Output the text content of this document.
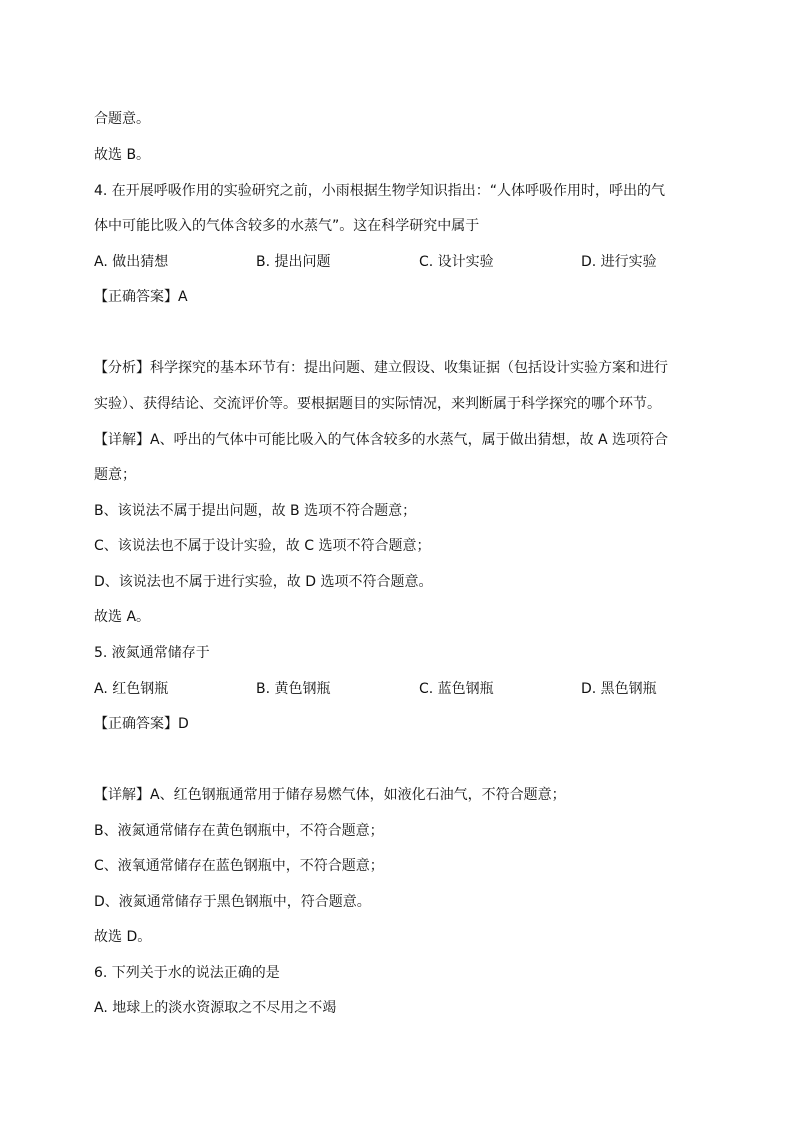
合题意。
故选 B。
4. 在开展呼吸作用的实验研究之前，小雨根据生物学知识指出：“人体呼吸作用时，呼出的气
体中可能比吸入的气体含较多的水蒸气”。这在科学研究中属于
A. 做出猜想	B. 提出问题	C. 设计实验	D. 进行实验
【正确答案】A
【分析】科学探究的基本环节有：提出问题、建立假设、收集证据（包括设计实验方案和进行
实验）、获得结论、交流评价等。要根据题目的实际情况，来判断属于科学探究的哪个环节。
【详解】A、呼出的气体中可能比吸入的气体含较多的水蒸气，属于做出猜想，故 A 选项符合
题意；
B、该说法不属于提出问题，故 B 选项不符合题意；
C、该说法也不属于设计实验，故 C 选项不符合题意；
D、该说法也不属于进行实验，故 D 选项不符合题意。
故选 A。
5. 液氮通常储存于
A. 红色钢瓶	B. 黄色钢瓶	C. 蓝色钢瓶	D. 黑色钢瓶
【正确答案】D
【详解】A、红色钢瓶通常用于储存易燃气体，如液化石油气，不符合题意；
B、液氮通常储存在黄色钢瓶中，不符合题意；
C、液氧通常储存在蓝色钢瓶中，不符合题意；
D、液氮通常储存于黑色钢瓶中，符合题意。
故选 D。
6. 下列关于水的说法正确的是
A. 地球上的淡水资源取之不尽用之不竭
